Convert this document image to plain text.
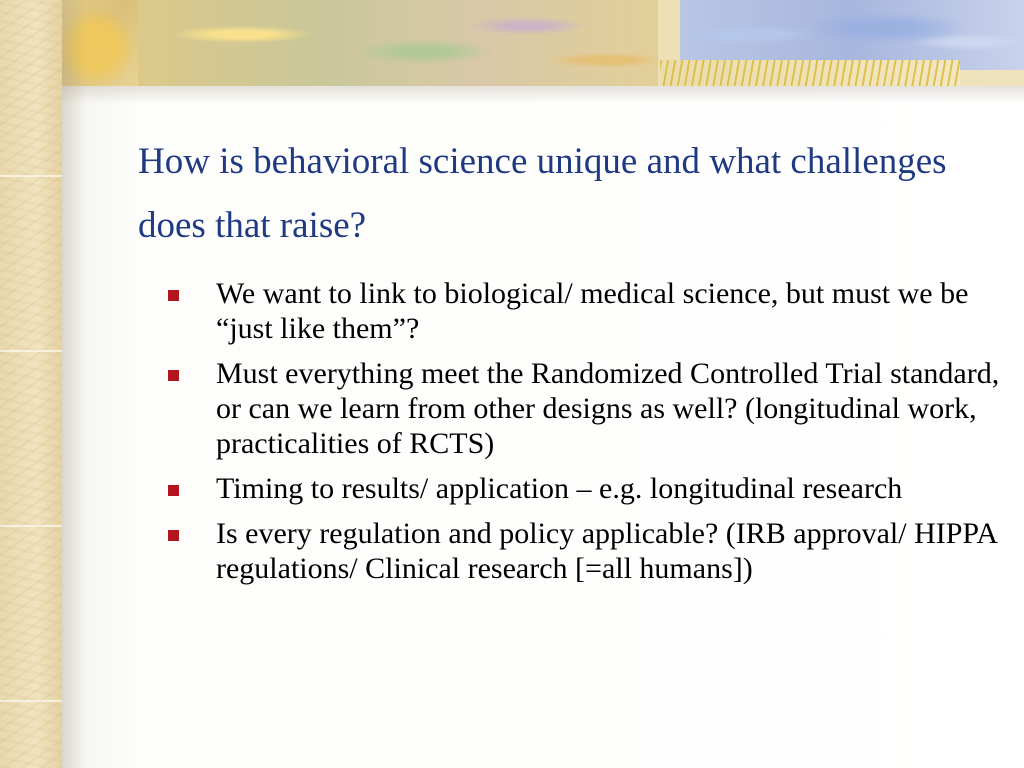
How is behavioral science unique and what challenges does that raise?
We want to link to biological/ medical science, but must we be “just like them”?
Must everything meet the Randomized Controlled Trial standard, or can we learn from other designs as well? (longitudinal work, practicalities of RCTS)
Timing to results/ application – e.g. longitudinal research
Is every regulation and policy applicable? (IRB approval/ HIPPA regulations/ Clinical research [=all humans])
